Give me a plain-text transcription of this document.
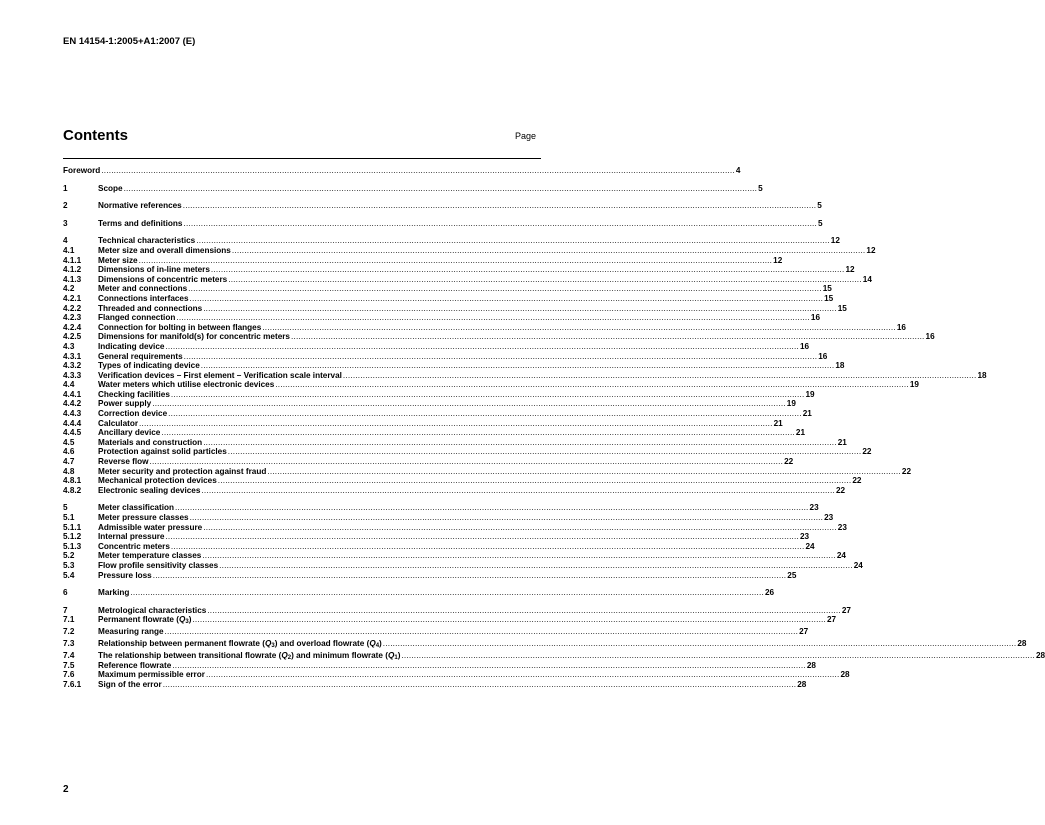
EN 14154-1:2005+A1:2007 (E)
Contents	Page
Foreword .....	4
1	Scope .....	5
2	Normative references .....	5
3	Terms and definitions .....	5
4	Technical characteristics .....	12
4.1	Meter size and overall dimensions .....	12
4.1.1	Meter size .....	12
4.1.2	Dimensions of in-line meters .....	12
4.1.3	Dimensions of concentric meters .....	14
4.2	Meter and connections .....	15
4.2.1	Connections interfaces .....	15
4.2.2	Threaded and connections .....	15
4.2.3	Flanged connection .....	16
4.2.4	Connection for bolting in between flanges .....	16
4.2.5	Dimensions for manifold(s) for concentric meters .....	16
4.3	Indicating device .....	16
4.3.1	General requirements .....	16
4.3.2	Types of indicating device .....	18
4.3.3	Verification devices – First element – Verification scale interval .....	18
4.4	Water meters which utilise electronic devices .....	19
4.4.1	Checking facilities .....	19
4.4.2	Power supply .....	19
4.4.3	Correction device .....	21
4.4.4	Calculator .....	21
4.4.5	Ancillary device .....	21
4.5	Materials and construction .....	21
4.6	Protection against solid particles .....	22
4.7	Reverse flow .....	22
4.8	Meter security and protection against fraud .....	22
4.8.1	Mechanical protection devices .....	22
4.8.2	Electronic sealing devices .....	22
5	Meter classification .....	23
5.1	Meter pressure classes .....	23
5.1.1	Admissible water pressure .....	23
5.1.2	Internal pressure .....	23
5.1.3	Concentric meters .....	24
5.2	Meter temperature classes .....	24
5.3	Flow profile sensitivity classes .....	24
5.4	Pressure loss .....	25
6	Marking .....	26
7	Metrological characteristics .....	27
7.1	Permanent flowrate $(Q_3)$ .....	27
7.2	Measuring range .....	27
7.3	Relationship between permanent flowrate $(Q_3)$ and overload flowrate $(Q_4)$ .....	28
7.4	The relationship between transitional flowrate $(Q_2)$ and minimum flowrate $(Q_1)$ .....	28
7.5	Reference flowrate .....	28
7.6	Maximum permissible error .....	28
7.6.1	Sign of the error .....	28
2
